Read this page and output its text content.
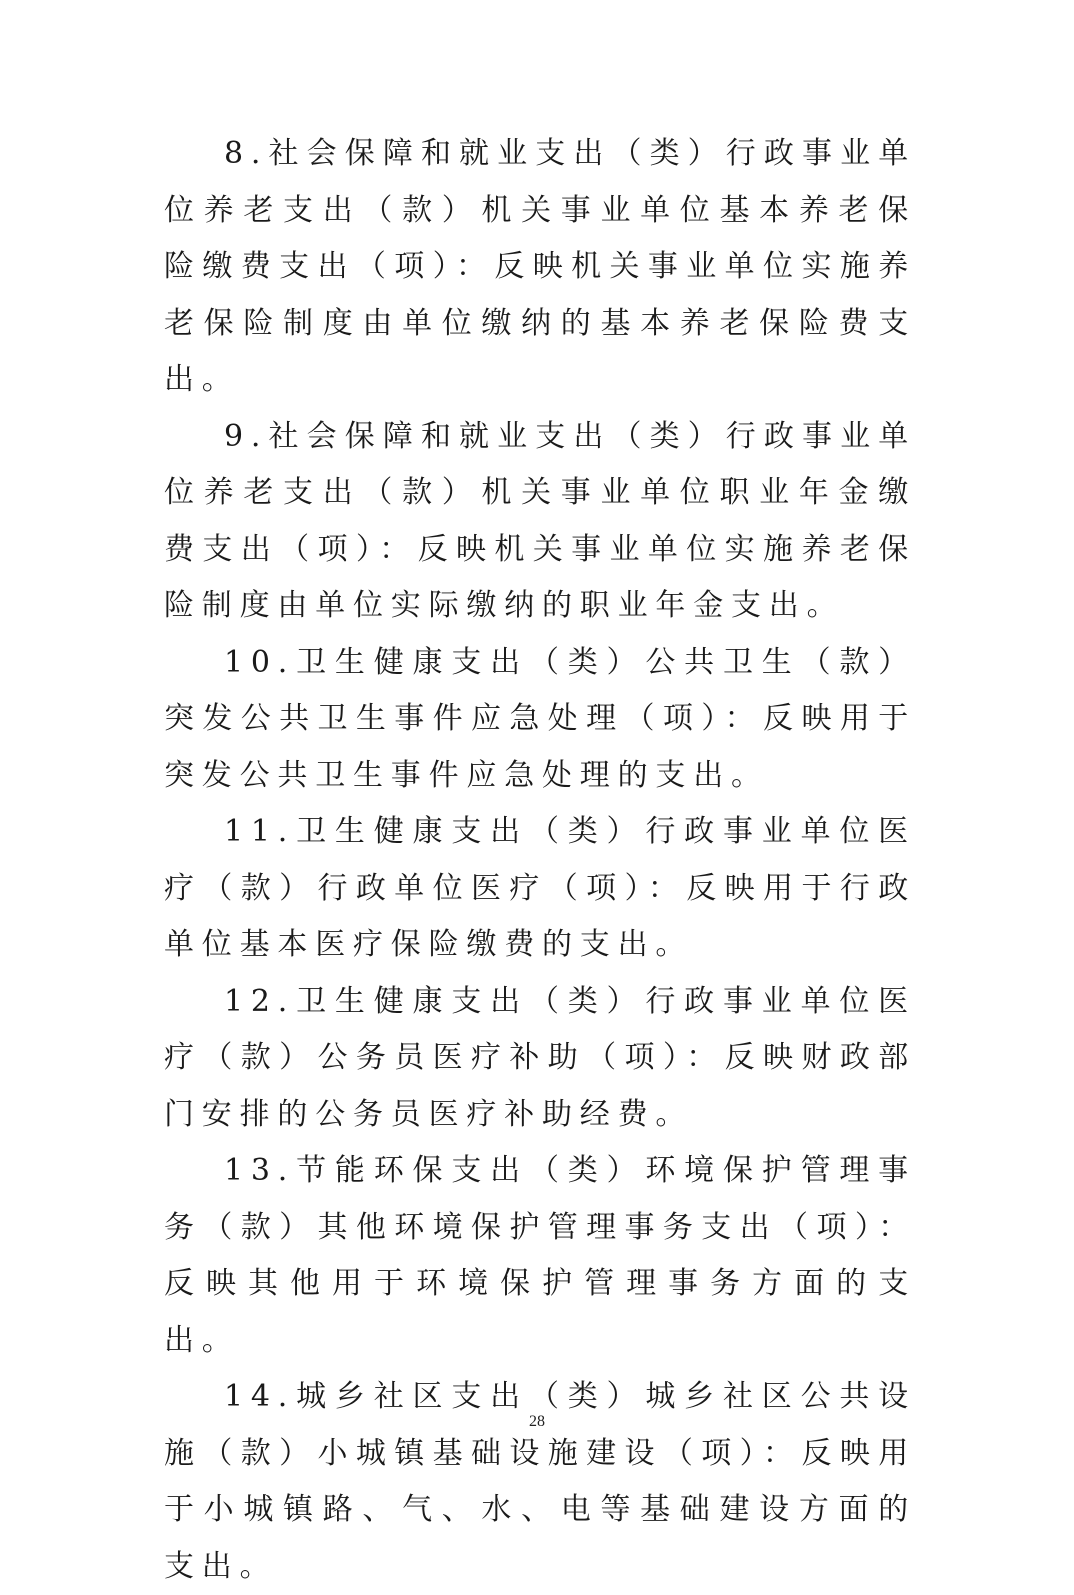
8.社会保障和就业支出（类）行政事业单位养老支出（款）机关事业单位基本养老保险缴费支出（项）：反映机关事业单位实施养老保险制度由单位缴纳的基本养老保险费支出。

9.社会保障和就业支出（类）行政事业单位养老支出（款）机关事业单位职业年金缴费支出（项）：反映机关事业单位实施养老保险制度由单位实际缴纳的职业年金支出。

10.卫生健康支出（类）公共卫生（款）突发公共卫生事件应急处理（项）：反映用于突发公共卫生事件应急处理的支出。

11.卫生健康支出（类）行政事业单位医疗（款）行政单位医疗（项）：反映用于行政单位基本医疗保险缴费的支出。

12.卫生健康支出（类）行政事业单位医疗（款）公务员医疗补助（项）：反映财政部门安排的公务员医疗补助经费。

13.节能环保支出（类）环境保护管理事务（款）其他环境保护管理事务支出（项）：反映其他用于环境保护管理事务方面的支出。

14.城乡社区支出（类）城乡社区公共设施（款）小城镇基础设施建设（项）：反映用于小城镇路、气、水、电等基础建设方面的支出。

28
